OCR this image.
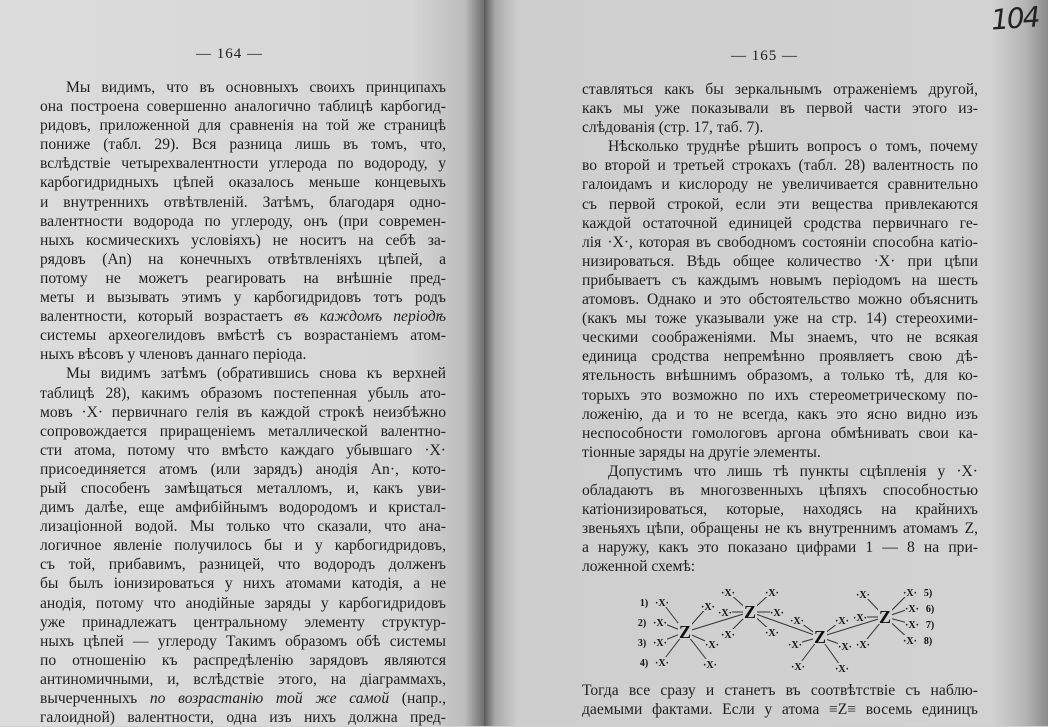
— 164 —
Мы видимъ, что въ основныхъ своихъ принципахъ
она построена совершенно аналогично таблицѣ карбогид-
ридовъ, приложенной для сравненія на той же страницѣ
пониже (табл. 29). Вся разница лишь въ томъ, что,
вслѣдствіе четырехвалентности углерода по водороду, у
карбогидридныхъ цѣпей оказалось меньше концевыхъ
и внутреннихъ отвѣтвленій. Затѣмъ, благодаря одно-
валентности водорода по углероду, онъ (при современ-
ныхъ космическихъ условіяхъ) не носитъ на себѣ за-
рядовъ (An) на конечныхъ отвѣтвленіяхъ цѣпей, а
потому не можетъ реагировать на внѣшніе пред-
меты и вызывать этимъ у карбогидридовъ тотъ родъ
валентности, который возрастаетъ въ каждомъ періодѣ
системы археогелидовъ вмѣстѣ съ возрастаніемъ атом-
ныхъ вѣсовъ у членовъ даннаго періода.
Мы видимъ затѣмъ (обратившись снова къ верхней
таблицѣ 28), какимъ образомъ постепенная убыль ато-
мовъ ·X· первичнаго гелія въ каждой строкѣ неизбѣжно
сопровождается приращеніемъ металлической валентно-
сти атома, потому что вмѣсто каждаго убывшаго ·X·
присоединяется атомъ (или зарядъ) анодія An·, кото-
рый способенъ замѣщаться металломъ, и, какъ уви-
димъ далѣе, еще амфибійнымъ водородомъ и кристал-
лизаціонной водой. Мы только что сказали, что ана-
логичное явленіе получилось бы и у карбогидридовъ,
съ той, прибавимъ, разницей, что водородъ долженъ
бы былъ іонизироваться у нихъ атомами катодія, а не
анодія, потому что анодійные заряды у карбогидридовъ
уже принадлежатъ центральному элементу структур-
ныхъ цѣпей — углероду Такимъ образомъ обѣ системы
по отношенію къ распредѣленію зарядовъ являются
антиномичными, и, вслѣдствіе этого, на діаграммахъ,
вычерченныхъ по возрастанію той же самой (напр.,
галоидной) валентности, одна изъ нихъ должна пред-
— 165 —
ставляться какъ бы зеркальнымъ отраженіемъ другой,
какъ мы уже показывали въ первой части этого из-
слѣдованія (стр. 17, таб. 7).
Нѣсколько труднѣе рѣшить вопросъ о томъ, почему
во второй и третьей строкахъ (табл. 28) валентность по
галоидамъ и кислороду не увеличивается сравнительно
съ первой строкой, если эти вещества привлекаются
каждой остаточной единицей сродства первичнаго ге-
лія ·X·, которая въ свободномъ состояніи способна катіо-
низироваться. Вѣдь общее количество ·X· при цѣпи
прибываетъ съ каждымъ новымъ періодомъ на шесть
атомовъ. Однако и это обстоятельство можно объяснить
(какъ мы тоже указывали уже на стр. 14) стереохими-
ческими соображеніями. Мы знаемъ, что не всякая
единица сродства непремѣнно проявляетъ свою дѣ-
ятельность внѣшнимъ образомъ, а только тѣ, для ко-
торыхъ это возможно по ихъ стереометрическому по-
ложенію, да и то не всегда, какъ это ясно видно изъ
неспособности гомологовъ аргона обмѣнивать свои ка-
тіонные заряды на другіе элементы.
Допустимъ что лишь тѣ пункты сцѣпленія у ·X·
обладаютъ въ многозвенныхъ цѣпяхъ способностью
катіонизироваться, которые, находясь на крайнихъ
звеньяхъ цѣпи, обращены не къ внутреннимъ атомамъ Z,
а наружу, какъ это показано цифрами 1 — 8 на при-
ложенной схемѣ:
Тогда все сразу и станетъ въ соотвѣтствіе съ наблю-
даемыми фактами. Если у атома ≡Z≡ восемь единицъ
104
·X·
1)
·X·
2)
·X·
3)
·X·
4)
·X·
·X·
·X·
·X·
·X·
·X·
·X·
·X·
·X·
·X·
·X·
·X·
·X·
·X·
·X·
·X·
·X·
·X·
·X· 5)
·X· 6)
·X· 7)
·X· 8)
Z
Z
Z
Z
